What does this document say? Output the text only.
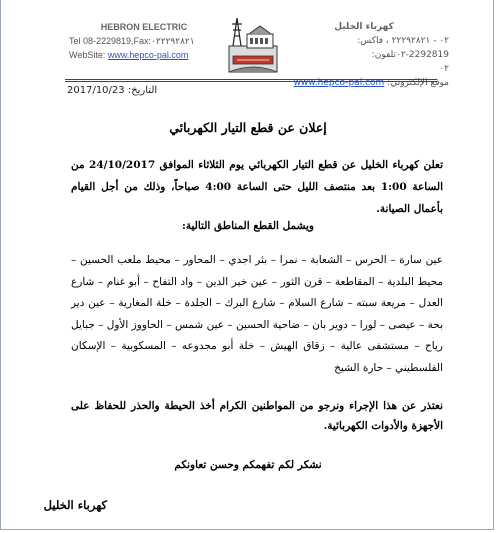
HEBRON ELECTRIC
Tel 08-2229819,Fax:٠٢٢٢٩٢٨٢١
WebSite: www.hepco-pal.com
كهرباء الخليل
٠٢ - ٢٢٢٩٢٨٢١ ، فاكس: 2292819-٠٢تلفون:
٠٢
موقع الإلكتروني: www.hepco-pal.com
التاريخ: 2017/10/23
إعلان عن قطع التيار الكهربائي
تعلن كهرباء الخليل عن قطع التيار الكهربائي يوم الثلاثاء الموافق 24/10/2017 من الساعة 1:00 بعد منتصف الليل حتى الساعة 4:00 صباحاً، وذلك من أجل القيام بأعمال الصيانة.
ويشمل القطع المناطق التالية:
عين سارة – الحرس – الشعابة – نمرا – بئر اجدي – المحاور – محيط ملعب الحسين – محيط البلدية – المقاطعة – قرن الثور – عين خير الدين – واد التفاح – أبو غنام – شارع العدل – مريعة سبته – شارع السلام – شارع البرك – الجلدة – خلة المغارية – عين دير بحة – عيصى – لورا – دوير بان – ضاحية الحسين – عين شمس – الحاووز الأول – جبايل رياح – مستشفى عالية – زقاق الهيش – خلة أبو مجدوعه – المسكوبية – الإسكان الفلسطيني – حارة الشيخ
نعتذر عن هذا الإجراء ونرجو من المواطنين الكرام أخذ الحيطة والحذر للحفاظ على الأجهزة والأدوات الكهربائية.
نشكر لكم تفهمكم وحسن تعاونكم
كهرباء الخليل
